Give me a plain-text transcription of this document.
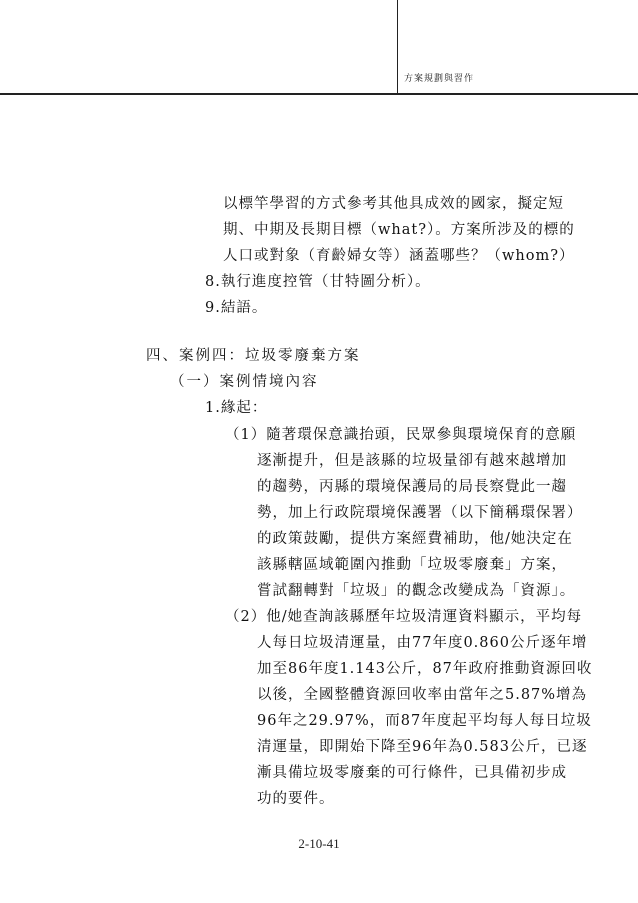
方案規劃與習作
以標竿學習的方式參考其他具成效的國家，擬定短
期、中期及長期目標（what?）。方案所涉及的標的
人口或對象（育齡婦女等）涵蓋哪些？（whom?）
8.執行進度控管（甘特圖分析）。
9.結語。
四、案例四：垃圾零廢棄方案
（一）案例情境內容
1.緣起：
（1）隨著環保意識抬頭，民眾參與環境保育的意願
逐漸提升，但是該縣的垃圾量卻有越來越增加
的趨勢，丙縣的環境保護局的局長察覺此一趨
勢，加上行政院環境保護署（以下簡稱環保署）
的政策鼓勵，提供方案經費補助，他/她決定在
該縣轄區域範圍內推動「垃圾零廢棄」方案，
嘗試翻轉對「垃圾」的觀念改變成為「資源」。
（2）他/她查詢該縣歷年垃圾清運資料顯示，平均每
人每日垃圾清運量，由77年度0.860公斤逐年增
加至86年度1.143公斤，87年政府推動資源回收
以後，全國整體資源回收率由當年之5.87%增為
96年之29.97%，而87年度起平均每人每日垃圾
清運量，即開始下降至96年為0.583公斤，已逐
漸具備垃圾零廢棄的可行條件，已具備初步成
功的要件。
2-10-41
